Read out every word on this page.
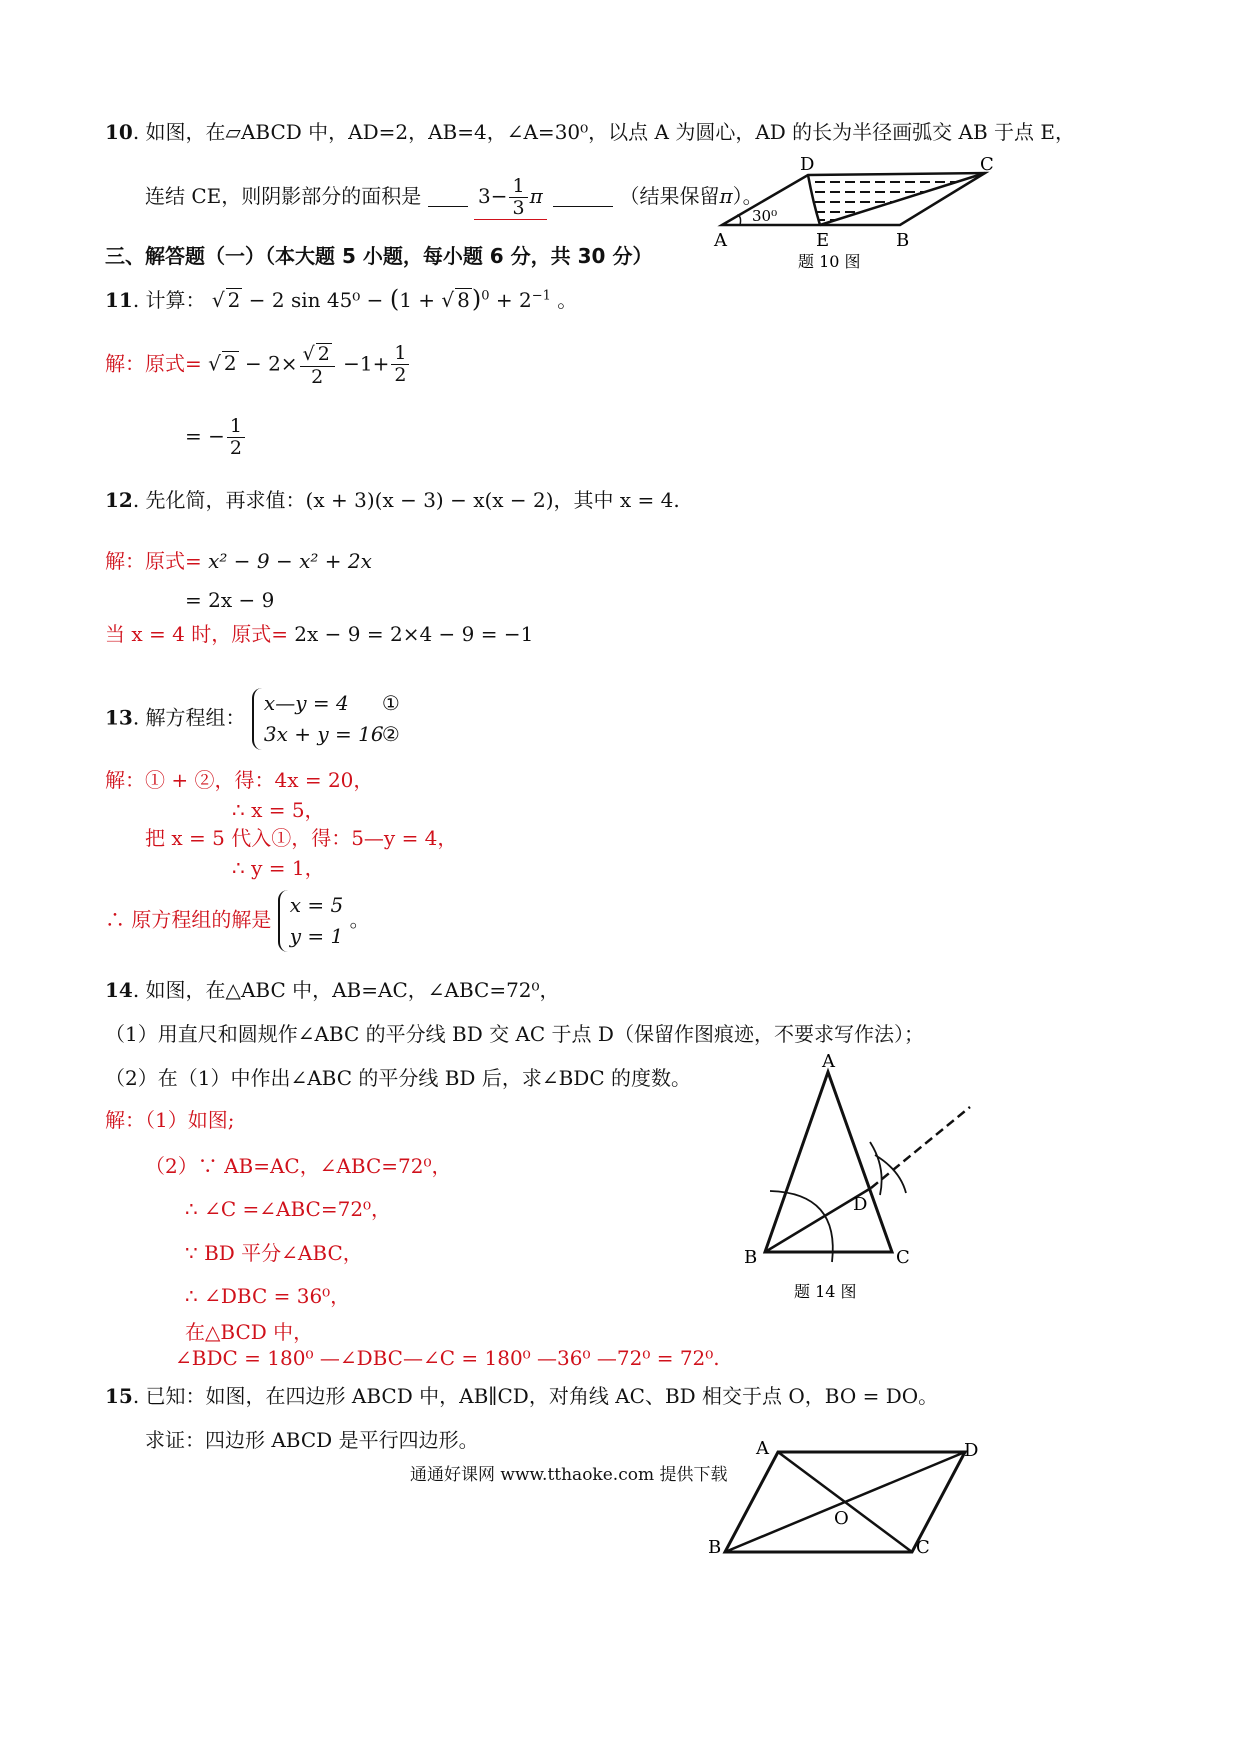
10. 如图，在▱ABCD 中，AD=2，AB=4，∠A=30⁰，以点 A 为圆心，AD 的长为半径画弧交 AB 于点 E，
连结 CE，则阴影部分的面积是	$3- \frac{1}{3}$ π	（结果保留π）。
30⁰
D	C
A	E	B
题 10 图
三、解答题（一）（本大题 5 小题，每小题 6 分，共 30 分）
11. 计算： √ 2 − 2 sin 45⁰ − (1 + √ $8)^0 + 2^{-1}$ 。
解：原式= √ $2 - 2\times \frac{√ 2}{2} -1+ \frac{1}{2}$
= − $\frac{1}{2}$
12. 先化简，再求值：(x + 3)(x − 3) − x(x − 2)，其中 x = 4.
解：原式= x² − 9 − x² + 2x
= 2x − 9
当 x = 4 时，原式= 2x − 9 = 2×4 − 9 = −1
13. 解方程组：
x—y = 4 ①
3x + y = 16②
解：① + ②，得：4x = 20，
∴ x = 5，
把 x = 5 代入①，得：5—y = 4，
∴ y = 1，
∴ 原方程组的解是
x = 5
y = 1
。
14. 如图，在△ABC 中，AB=AC，∠ABC=72⁰，
（1）用直尺和圆规作∠ABC 的平分线 BD 交 AC 于点 D（保留作图痕迹，不要求写作法）；
（2）在（1）中作出∠ABC 的平分线 BD 后，求∠BDC 的度数。
解：（1）如图;
（2）∵ AB=AC，∠ABC=72⁰，
∴ ∠C =∠ABC=72⁰，
∵ BD 平分∠ABC，
∴ ∠DBC = 36⁰，
在△BCD 中，
∠BDC = 180⁰ —∠DBC—∠C = 180⁰ —36⁰ —72⁰ = 72⁰.
A
B	C
D
题 14 图
15. 已知：如图，在四边形 ABCD 中，AB∥CD，对角线 AC、BD 相交于点 O，BO = DO。
求证：四边形 ABCD 是平行四边形。	A	D
O
B	C
通通好课网 www.tthaoke.com 提供下载
